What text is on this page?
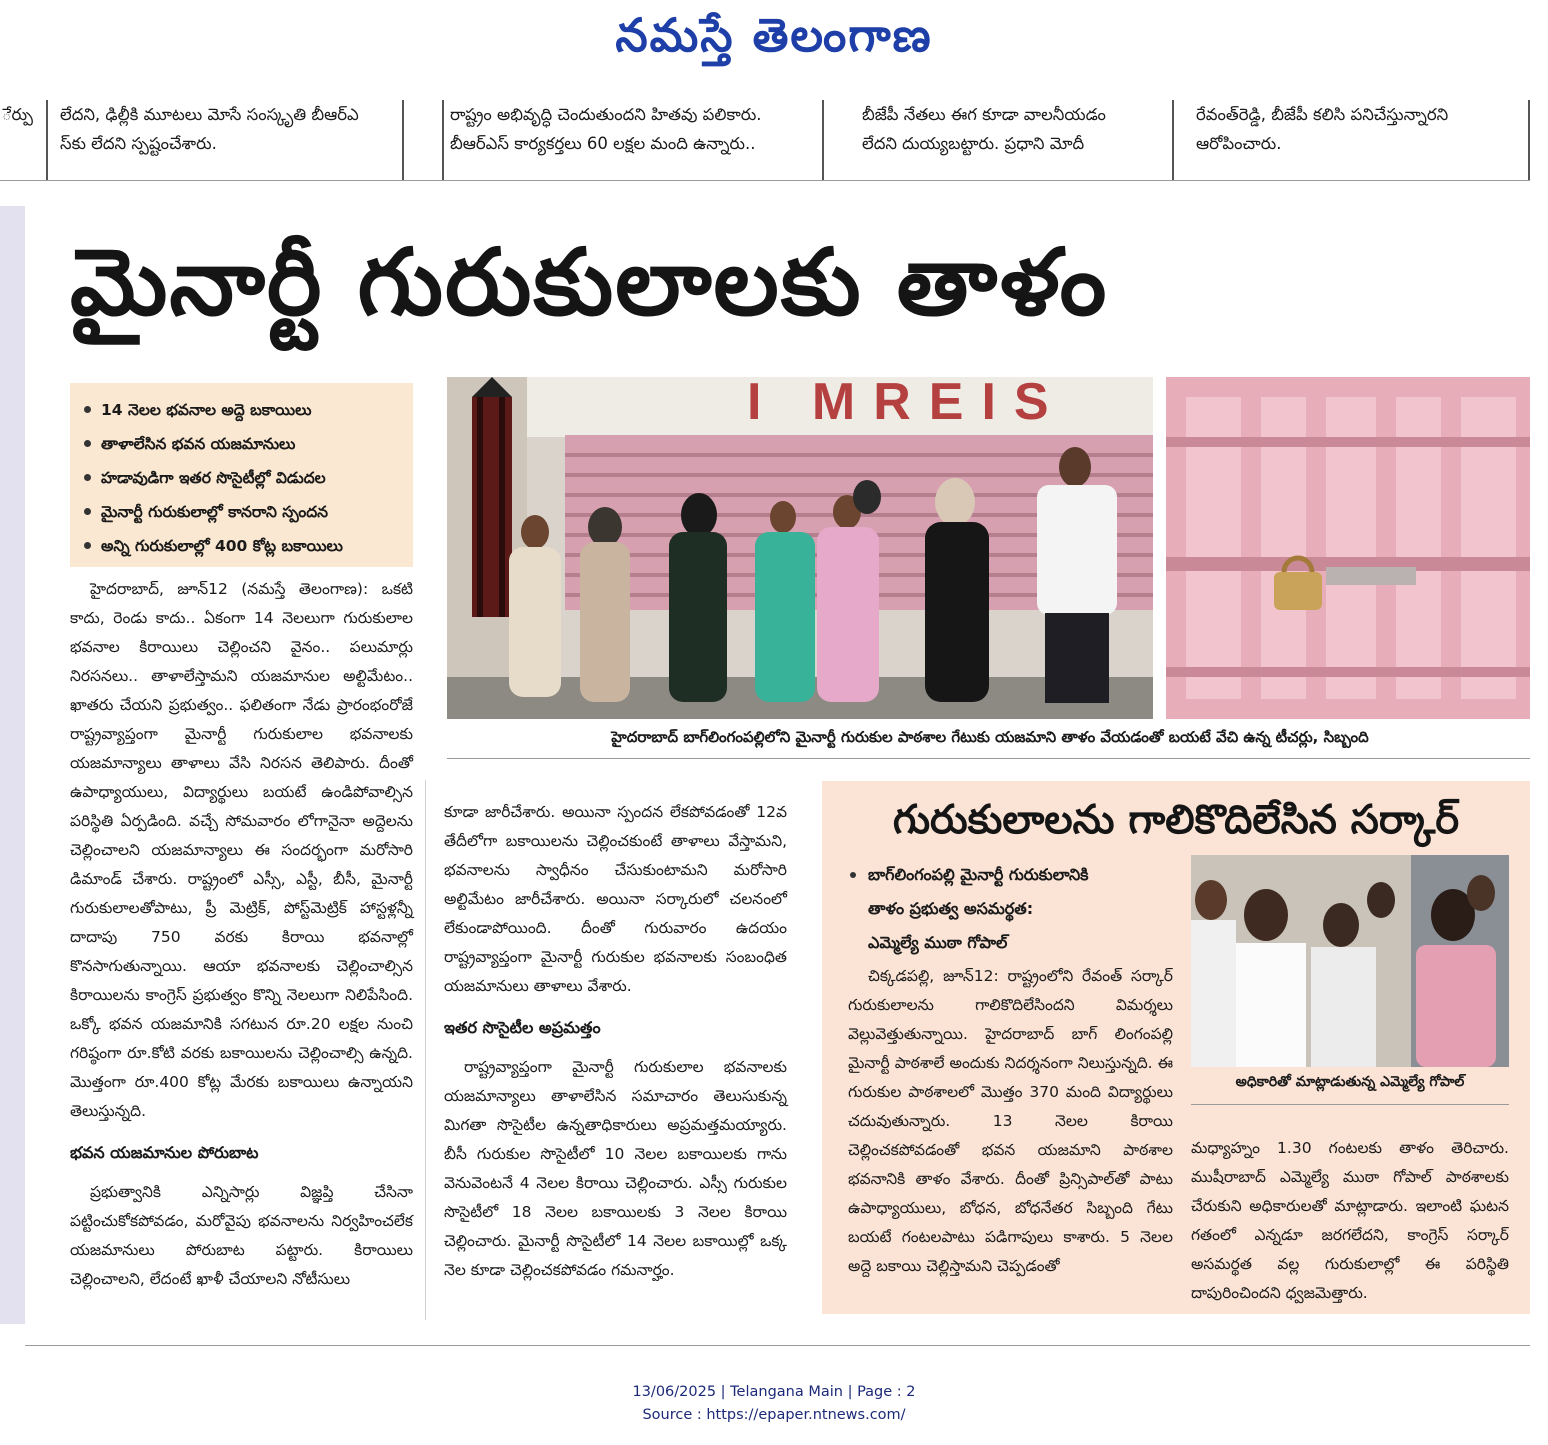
నమస్తే తెలంగాణ
ేర్పు	లేదని, ఢిల్లీకి మూటలు మోసే సంస్కృతి బీఆర్ఎ
స్‌కు లేదని స్పష్టంచేశారు.
రాష్ట్రం అభివృద్ధి చెందుతుందని హితవు పలికారు.
బీఆర్ఎస్ కార్యకర్తలు 60 లక్షల మంది ఉన్నారు..
బీజేపీ నేతలు ఈగ కూడా వాలనీయడం
లేదని దుయ్యబట్టారు. ప్రధాని మోదీ
రేవంత్‌రెడ్డి, బీజేపీ కలిసి పనిచేస్తున్నారని
ఆరోపించారు.
మైనార్టీ గురుకులాలకు తాళం
14 నెలల భవనాల అద్దె బకాయిలు
తాళాలేసిన భవన యజమానులు
హడావుడిగా ఇతర సొసైటీల్లో విడుదల
మైనార్టీ గురుకులాల్లో కానరాని స్పందన
అన్ని గురుకులాల్లో 400 కోట్ల బకాయిలు
I MREIS
హైదరాబాద్ బాగ్‌లింగంపల్లిలోని మైనార్టీ గురుకుల పాఠశాల గేటుకు యజమాని తాళం వేయడంతో బయటే వేచి ఉన్న టీచర్లు, సిబ్బంది

హైదరాబాద్, జూన్12 (నమస్తే తెలంగాణ): ఒకటి కాదు, రెండు కాదు.. ఏకంగా 14 నెలలుగా గురుకులాల భవనాల కిరాయిలు చెల్లించని వైనం.. పలుమార్లు నిరసనలు.. తాళాలేస్తామని యజమానుల అల్టిమేటం.. ఖాతరు చేయని ప్రభుత్వం.. ఫలితంగా నేడు ప్రారంభంరోజే రాష్ట్రవ్యాప్తంగా మైనార్టీ గురుకులాల భవనాలకు యజమాన్యాలు తాళాలు వేసి నిరసన తెలిపారు. దీంతో ఉపాధ్యాయులు, విద్యార్థులు బయటే ఉండిపోవాల్సిన పరిస్థితి ఏర్పడింది. వచ్చే సోమవారం లోగానైనా అద్దెలను చెల్లించాలని యజమాన్యాలు ఈ సందర్భంగా మరోసారి డిమాండ్ చేశారు. రాష్ట్రంలో ఎస్సీ, ఎస్టీ, బీసీ, మైనార్టీ గురుకులాలతోపాటు, ప్రీ మెట్రిక్, పోస్ట్‌మెట్రిక్ హాస్టళ్లన్నీ దాదాపు 750 వరకు కిరాయి భవనాల్లో కొనసాగుతున్నాయి. ఆయా భవనాలకు చెల్లించాల్సిన కిరాయిలను కాంగ్రెస్ ప్రభుత్వం కొన్ని నెలలుగా నిలిపేసింది. ఒక్కో భవన యజమానికి సగటున రూ.20 లక్షల నుంచి గరిష్ఠంగా రూ.కోటి వరకు బకాయిలను చెల్లించాల్సి ఉన్నది. మొత్తంగా రూ.400 కోట్ల మేరకు బకాయిలు ఉన్నాయని తెలుస్తున్నది.

భవన యజమానుల పోరుబాట

ప్రభుత్వానికి ఎన్నిసార్లు విజ్ఞప్తి చేసినా పట్టించుకోకపోవడం, మరోవైపు భవనాలను నిర్వహించలేక యజమానులు పోరుబాట పట్టారు. కిరాయిలు చెల్లించాలని, లేదంటే ఖాళీ చేయాలని నోటీసులు

కూడా జారీచేశారు. అయినా స్పందన లేకపోవడంతో 12వ తేదీలోగా బకాయిలను చెల్లించకుంటే తాళాలు వేస్తామని, భవనాలను స్వాధీనం చేసుకుంటామని మరోసారి అల్టిమేటం జారీచేశారు. అయినా సర్కారులో చలనంలో లేకుండాపోయింది. దీంతో గురువారం ఉదయం రాష్ట్రవ్యాప్తంగా మైనార్టీ గురుకుల భవనాలకు సంబంధిత యజమానులు తాళాలు వేశారు.

ఇతర సొసైటీల అప్రమత్తం

రాష్ట్రవ్యాప్తంగా మైనార్టీ గురుకులాల భవనాలకు యజమాన్యాలు తాళాలేసిన సమాచారం తెలుసుకున్న మిగతా సొసైటీల ఉన్నతాధికారులు అప్రమత్తమయ్యారు. బీసీ గురుకుల సొసైటీలో 10 నెలల బకాయిలకు గాను వెనువెంటనే 4 నెలల కిరాయి చెల్లించారు. ఎస్సీ గురుకుల సొసైటీలో 18 నెలల బకాయిలకు 3 నెలల కిరాయి చెల్లించారు. మైనార్టీ సొసైటీలో 14 నెలల బకాయిల్లో ఒక్క నెల కూడా చెల్లించకపోవడం గమనార్హం.

గురుకులాలను గాలికొదిలేసిన సర్కార్
బాగ్‌లింగంపల్లి మైనార్టీ గురుకులానికి
తాళం ప్రభుత్వ అసమర్థత:
ఎమ్మెల్యే ముఠా గోపాల్

చిక్కడపల్లి, జూన్12: రాష్ట్రంలోని రేవంత్ సర్కార్ గురుకులాలను గాలికొదిలేసిందని విమర్శలు వెల్లువెత్తుతున్నాయి. హైదరాబాద్ బాగ్ లింగంపల్లి మైనార్టీ పాఠశాలే అందుకు నిదర్శనంగా నిలుస్తున్నది. ఈ గురుకుల పాఠశాలలో మొత్తం 370 మంది విద్యార్థులు చదువుతున్నారు. 13 నెలల కిరాయి చెల్లించకపోవడంతో భవన యజమాని పాఠశాల భవనానికి తాళం వేశారు. దీంతో ప్రిన్సిపాల్‌తో పాటు ఉపాధ్యాయులు, బోధన, బోధనేతర సిబ్బంది గేటు బయటే గంటలపాటు పడిగాపులు కాశారు. 5 నెలల అద్దె బకాయి చెల్లిస్తామని చెప్పడంతో

అధికారితో మాట్లాడుతున్న ఎమ్మెల్యే గోపాల్

మధ్యాహ్నం 1.30 గంటలకు తాళం తెరిచారు. ముషీరాబాద్ ఎమ్మెల్యే ముఠా గోపాల్ పాఠశాలకు చేరుకుని అధికారులతో మాట్లాడారు. ఇలాంటి ఘటన గతంలో ఎన్నడూ జరగలేదని, కాంగ్రెస్ సర్కార్ అసమర్థత వల్ల గురుకులాల్లో ఈ పరిస్థితి దాపురించిందని ధ్వజమెత్తారు.

13/06/2025 | Telangana Main | Page : 2
Source : https://epaper.ntnews.com/
